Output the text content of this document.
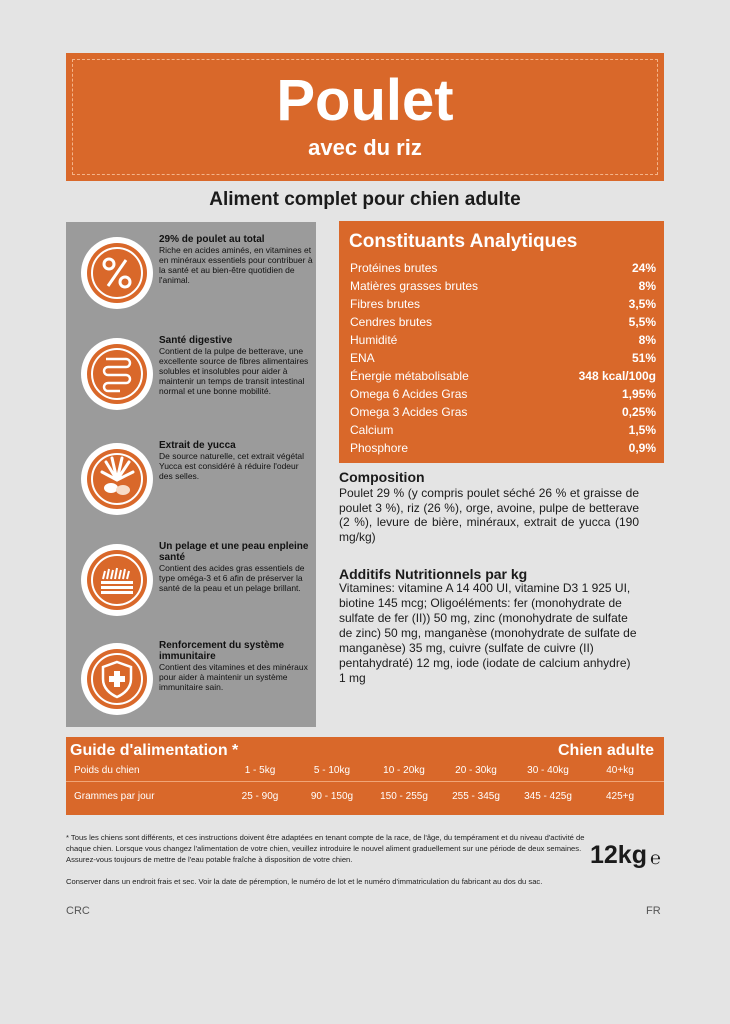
Poulet
avec du riz
Aliment complet pour chien adulte
29% de poulet au total
Riche en acides aminés, en vitamines et en minéraux essentiels pour contribuer à la santé et au bien-être quotidien de l'animal.
Santé digestive
Contient de la pulpe de betterave, une excellente source de fibres alimentaires solubles et insolubles pour aider à maintenir un temps de transit intestinal normal et une bonne mobilité.
Extrait de yucca
De source naturelle, cet extrait végétal Yucca est considéré à réduire l'odeur des selles.
Un pelage et une peau enpleine santé
Contient des acides gras essentiels de type oméga-3 et 6 afin de préserver la santé de la peau et un pelage brillant.
Renforcement du système immunitaire
Contient des vitamines et des minéraux pour aider à maintenir un système immunitaire sain.
Constituants Analytiques
Protéines brutes	24%
Matières grasses brutes	8%
Fibres brutes	3,5%
Cendres brutes	5,5%
Humidité	8%
ENA	51%
Énergie métabolisable	348 kcal/100g
Omega 6 Acides Gras	1,95%
Omega 3 Acides Gras	0,25%
Calcium	1,5%
Phosphore	0,9%
Composition
Poulet 29 % (y compris poulet séché 26 % et graisse de poulet 3 %), riz (26 %), orge, avoine, pulpe de betterave (2 %), levure de bière, minéraux, extrait de yucca (190 mg/kg)
Additifs Nutritionnels par kg
Vitamines: vitamine A 14 400 UI, vitamine D3 1 925 UI, biotine 145 mcg; Oligoéléments: fer (monohydrate de sulfate de fer (II)) 50 mg, zinc (monohydrate de sulfate de zinc) 50 mg, manganèse (monohydrate de sulfate de manganèse) 35 mg, cuivre (sulfate de cuivre (II) pentahydraté) 12 mg, iode (iodate de calcium anhydre) 1 mg
Guide d'alimentation *	Chien adulte
Poids du chien	1 - 5kg	5 - 10kg	10 - 20kg	20 - 30kg	30 - 40kg	40+kg
Grammes par jour	25 - 90g	90 - 150g	150 - 255g	255 - 345g	345 - 425g	425+g
* Tous les chiens sont différents, et ces instructions doivent être adaptées en tenant compte de la race, de l'âge, du tempérament et du niveau d'activité de chaque chien. Lorsque vous changez l'alimentation de votre chien, veuillez introduire le nouvel aliment graduellement sur une période de deux semaines. Assurez-vous toujours de mettre de l'eau potable fraîche à disposition de votre chien.	12kg ℮
Conserver dans un endroit frais et sec. Voir la date de péremption, le numéro de lot et le numéro d'immatriculation du fabricant au dos du sac.
CRC	FR
